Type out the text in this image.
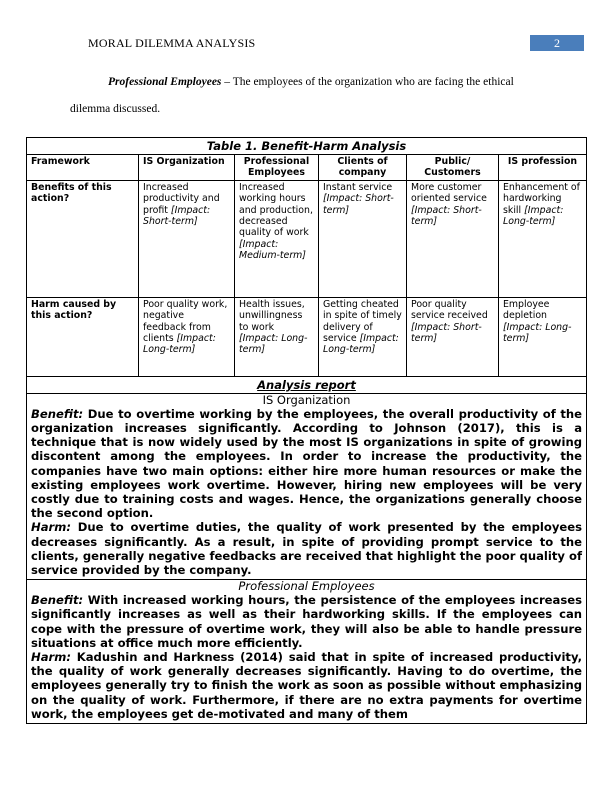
MORAL DILEMMA ANALYSIS	2
Professional Employees – The employees of the organization who are facing the ethical dilemma discussed.
Table 1. Benefit-Harm Analysis					
Framework	IS Organization	Professional Employees	Clients of company	Public/ Customers	IS profession
Benefits of this action?	Increased productivity and profit [Impact: Short-term]	Increased working hours and production, decreased quality of work [Impact: Medium-term]	Instant service [Impact: Short-term]	More customer oriented service [Impact: Short-term]	Enhancement of hardworking skill [Impact: Long-term]
Harm caused by this action?	Poor quality work, negative feedback from clients [Impact: Long-term]	Health issues, unwillingness to work [Impact: Long-term]	Getting cheated in spite of timely delivery of service [Impact: Long-term]	Poor quality service received [Impact: Short-term]	Employee depletion [Impact: Long-term]
Analysis report					

IS Organization

Benefit: Due to overtime working by the employees, the overall productivity of the organization increases significantly. According to Johnson (2017), this is a technique that is now widely used by the most IS organizations in spite of growing discontent among the employees. In order to increase the productivity, the companies have two main options: either hire more human resources or make the existing employees work overtime. However, hiring new employees will be very costly due to training costs and wages. Hence, the organizations generally choose the second option.

Harm: Due to overtime duties, the quality of work presented by the employees decreases significantly. As a result, in spite of providing prompt service to the clients, generally negative feedbacks are received that highlight the poor quality of service provided by the company.					

Professional Employees

Benefit: With increased working hours, the persistence of the employees increases significantly increases as well as their hardworking skills. If the employees can cope with the pressure of overtime work, they will also be able to handle pressure situations at office much more efficiently.

Harm: Kadushin and Harkness (2014) said that in spite of increased productivity, the quality of work generally decreases significantly. Having to do overtime, the employees generally try to finish the work as soon as possible without emphasizing on the quality of work. Furthermore, if there are no extra payments for overtime work, the employees get de-motivated and many of them					
